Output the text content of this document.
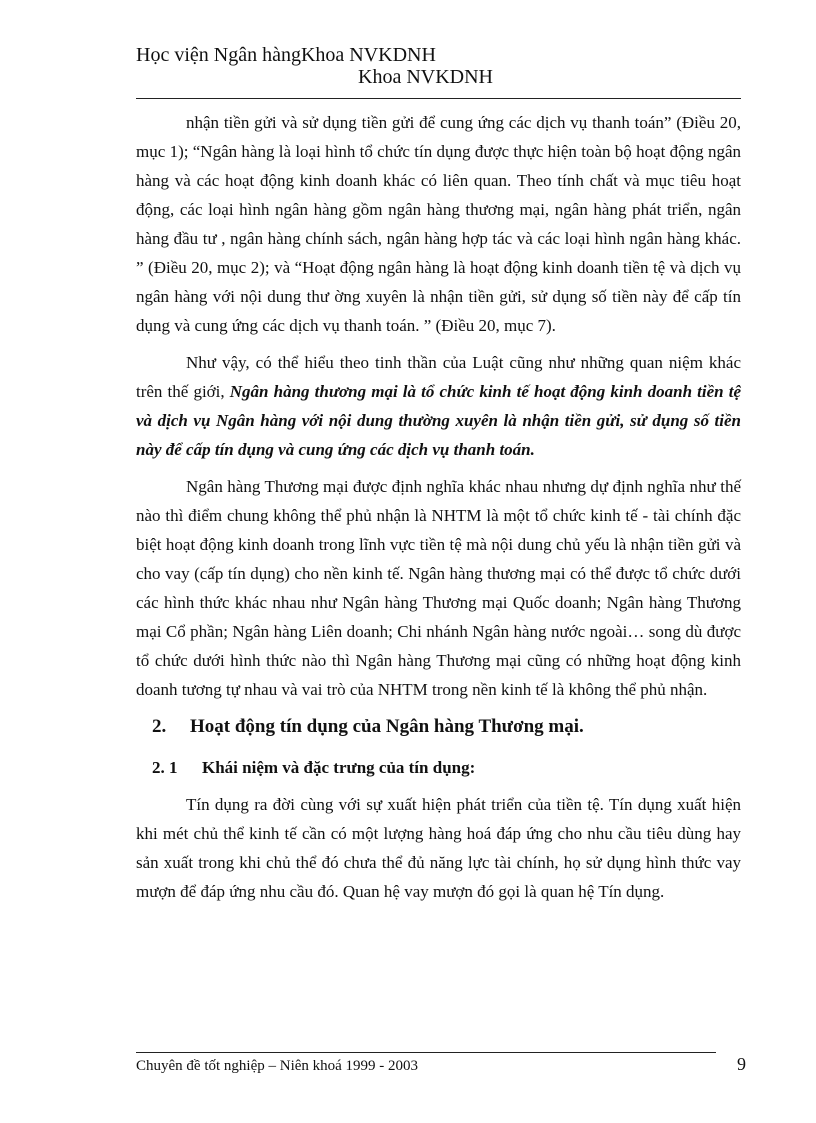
Học viện Ngân hàngKhoa NVKDNH
Khoa NVKDNH

nhận tiền gửi và sử dụng tiền gửi để cung ứng các dịch vụ thanh toán” (Điều 20, mục 1); “Ngân hàng là loại hình tổ chức tín dụng được thực hiện toàn bộ hoạt động ngân hàng và các hoạt động kinh doanh khác có liên quan. Theo tính chất và mục tiêu hoạt động, các loại hình ngân hàng gồm ngân hàng thương mại, ngân hàng phát triển, ngân hàng đầu tư , ngân hàng chính sách, ngân hàng hợp tác và các loại hình ngân hàng khác. ” (Điều 20, mục 2); và “Hoạt động ngân hàng là hoạt động kinh doanh tiền tệ và dịch vụ ngân hàng với nội dung thư ờng xuyên là nhận tiền gửi, sử dụng số tiền này để cấp tín dụng và cung ứng các dịch vụ thanh toán. ” (Điều 20, mục 7).

Như vậy, có thể hiểu theo tinh thần của Luật cũng như những quan niệm khác trên thế giới, Ngân hàng thương mại là tổ chức kinh tế hoạt động kinh doanh tiền tệ và dịch vụ Ngân hàng với nội dung thường xuyên là nhận tiền gửi, sử dụng số tiền này để cấp tín dụng và cung ứng các dịch vụ thanh toán.

Ngân hàng Thương mại được định nghĩa khác nhau nhưng dự định nghĩa như thế nào thì điểm chung không thể phủ nhận là NHTM là một tổ chức kinh tế - tài chính đặc biệt hoạt động kinh doanh trong lĩnh vực tiền tệ mà nội dung chủ yếu là nhận tiền gửi và cho vay (cấp tín dụng) cho nền kinh tế. Ngân hàng thương mại có thể được tổ chức dưới các hình thức khác nhau như Ngân hàng Thương mại Quốc doanh; Ngân hàng Thương mại Cổ phần; Ngân hàng Liên doanh; Chi nhánh Ngân hàng nước ngoài… song dù được tổ chức dưới hình thức nào thì Ngân hàng Thương mại cũng có những hoạt động kinh doanh tương tự nhau và vai trò của NHTM trong nền kinh tế là không thể phủ nhận.

2. Hoạt động tín dụng của Ngân hàng Thương mại.

2. 1 Khái niệm và đặc trưng của tín dụng:

Tín dụng ra đời cùng với sự xuất hiện phát triển của tiền tệ. Tín dụng xuất hiện khi mét chủ thể kinh tế cần có một lượng hàng hoá đáp ứng cho nhu cầu tiêu dùng hay sản xuất trong khi chủ thể đó chưa thể đủ năng lực tài chính, họ sử dụng hình thức vay mượn để đáp ứng nhu cầu đó. Quan hệ vay mượn đó gọi là quan hệ Tín dụng.

Chuyên đề tốt nghiệp – Niên khoá 1999 - 2003	9
